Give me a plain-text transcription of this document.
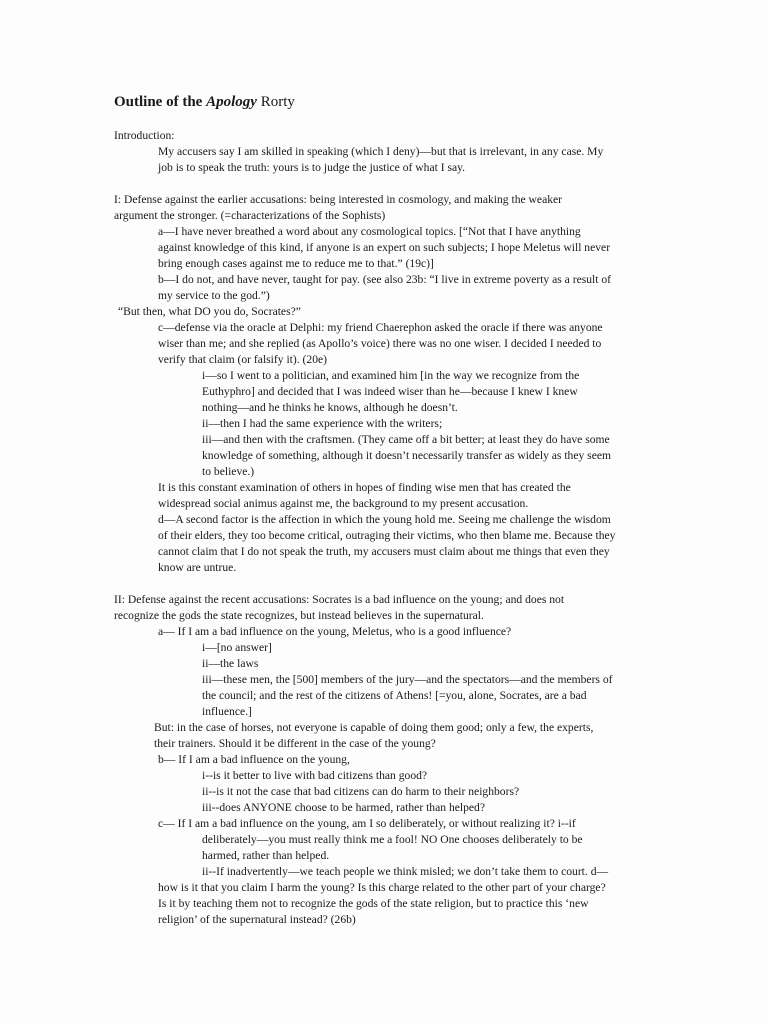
Outline of the Apology Rorty
Introduction:
My accusers say I am skilled in speaking (which I deny)—but that is irrelevant, in any case. My
job is to speak the truth: yours is to judge the justice of what I say.
I: Defense against the earlier accusations: being interested in cosmology, and making the weaker
argument the stronger. (=characterizations of the Sophists)
a—I have never breathed a word about any cosmological topics. [“Not that I have anything
against knowledge of this kind, if anyone is an expert on such subjects; I hope Meletus will never
bring enough cases against me to reduce me to that.” (19c)]
b—I do not, and have never, taught for pay. (see also 23b: “I live in extreme poverty as a result of
my service to the god.”)
“But then, what DO you do, Socrates?”
c—defense via the oracle at Delphi: my friend Chaerephon asked the oracle if there was anyone
wiser than me; and she replied (as Apollo’s voice) there was no one wiser. I decided I needed to
verify that claim (or falsify it). (20e)
i—so I went to a politician, and examined him [in the way we recognize from the
Euthyphro] and decided that I was indeed wiser than he—because I knew I knew
nothing—and he thinks he knows, although he doesn’t.
ii—then I had the same experience with the writers;
iii—and then with the craftsmen. (They came off a bit better; at least they do have some
knowledge of something, although it doesn’t necessarily transfer as widely as they seem
to believe.)
It is this constant examination of others in hopes of finding wise men that has created the
widespread social animus against me, the background to my present accusation.
d—A second factor is the affection in which the young hold me. Seeing me challenge the wisdom
of their elders, they too become critical, outraging their victims, who then blame me. Because they
cannot claim that I do not speak the truth, my accusers must claim about me things that even they
know are untrue.
II: Defense against the recent accusations: Socrates is a bad influence on the young; and does not
recognize the gods the state recognizes, but instead believes in the supernatural.
a— If I am a bad influence on the young, Meletus, who is a good influence?
i—[no answer]
ii—the laws
iii—these men, the [500] members of the jury—and the spectators—and the members of
the council; and the rest of the citizens of Athens! [=you, alone, Socrates, are a bad
influence.]
But: in the case of horses, not everyone is capable of doing them good; only a few, the experts,
their trainers. Should it be different in the case of the young?
b— If I am a bad influence on the young,
i--is it better to live with bad citizens than good?
ii--is it not the case that bad citizens can do harm to their neighbors?
iii--does ANYONE choose to be harmed, rather than helped?
c— If I am a bad influence on the young, am I so deliberately, or without realizing it? i--if
deliberately—you must really think me a fool! NO One chooses deliberately to be
harmed, rather than helped.
ii--If inadvertently—we teach people we think misled; we don’t take them to court. d—
how is it that you claim I harm the young? Is this charge related to the other part of your charge?
Is it by teaching them not to recognize the gods of the state religion, but to practice this ‘new
religion’ of the supernatural instead? (26b)
